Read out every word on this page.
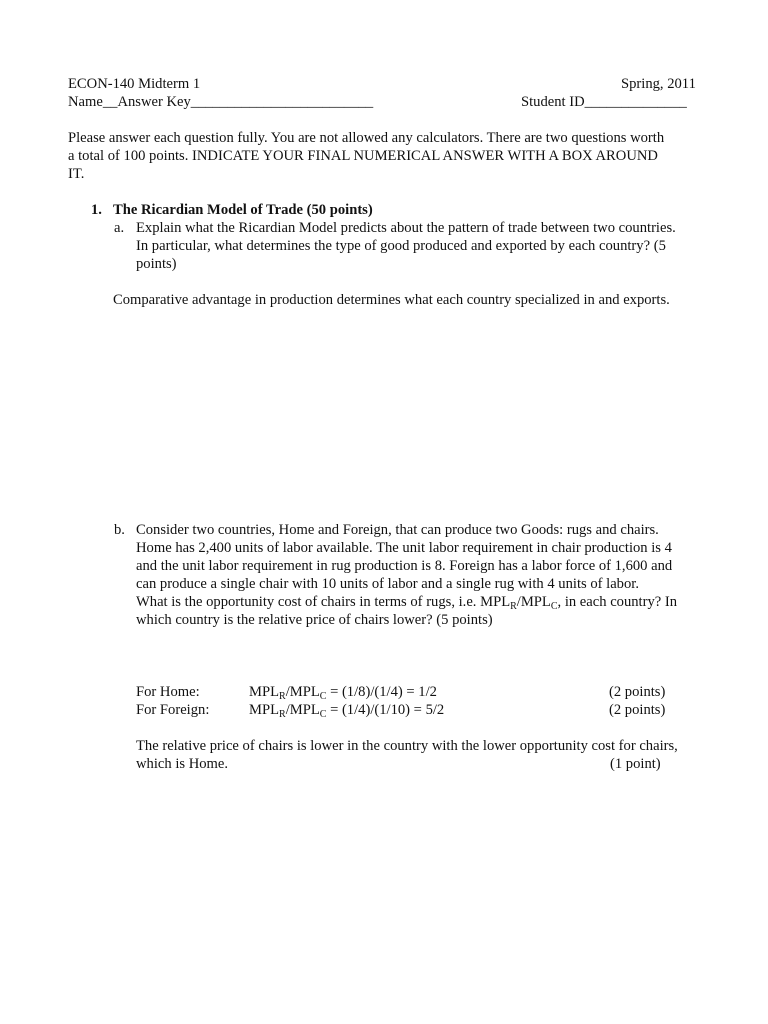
ECON-140 Midterm 1	Spring, 2011
Name__Answer Key_________________________	Student ID______________
Please answer each question fully. You are not allowed any calculators. There are two questions worth
a total of 100 points. INDICATE YOUR FINAL NUMERICAL ANSWER WITH A BOX AROUND
IT.
1. The Ricardian Model of Trade (50 points)
a. Explain what the Ricardian Model predicts about the pattern of trade between two countries.
In particular, what determines the type of good produced and exported by each country? (5
points)
Comparative advantage in production determines what each country specialized in and exports.
b. Consider two countries, Home and Foreign, that can produce two Goods: rugs and chairs.
Home has 2,400 units of labor available. The unit labor requirement in chair production is 4
and the unit labor requirement in rug production is 8. Foreign has a labor force of 1,600 and
can produce a single chair with 10 units of labor and a single rug with 4 units of labor.
What is the opportunity cost of chairs in terms of rugs, i.e. $MPL_R/MPL_C$, in each country? In
which country is the relative price of chairs lower? (5 points)
For Home:	$MPL_R/MPL_C = (1/8)/(1/4) = 1/2$	(2 points)
For Foreign:	$MPL_R/MPL_C = (1/4)/(1/10) = 5/2$	(2 points)
The relative price of chairs is lower in the country with the lower opportunity cost for chairs,
which is Home.	(1 point)
